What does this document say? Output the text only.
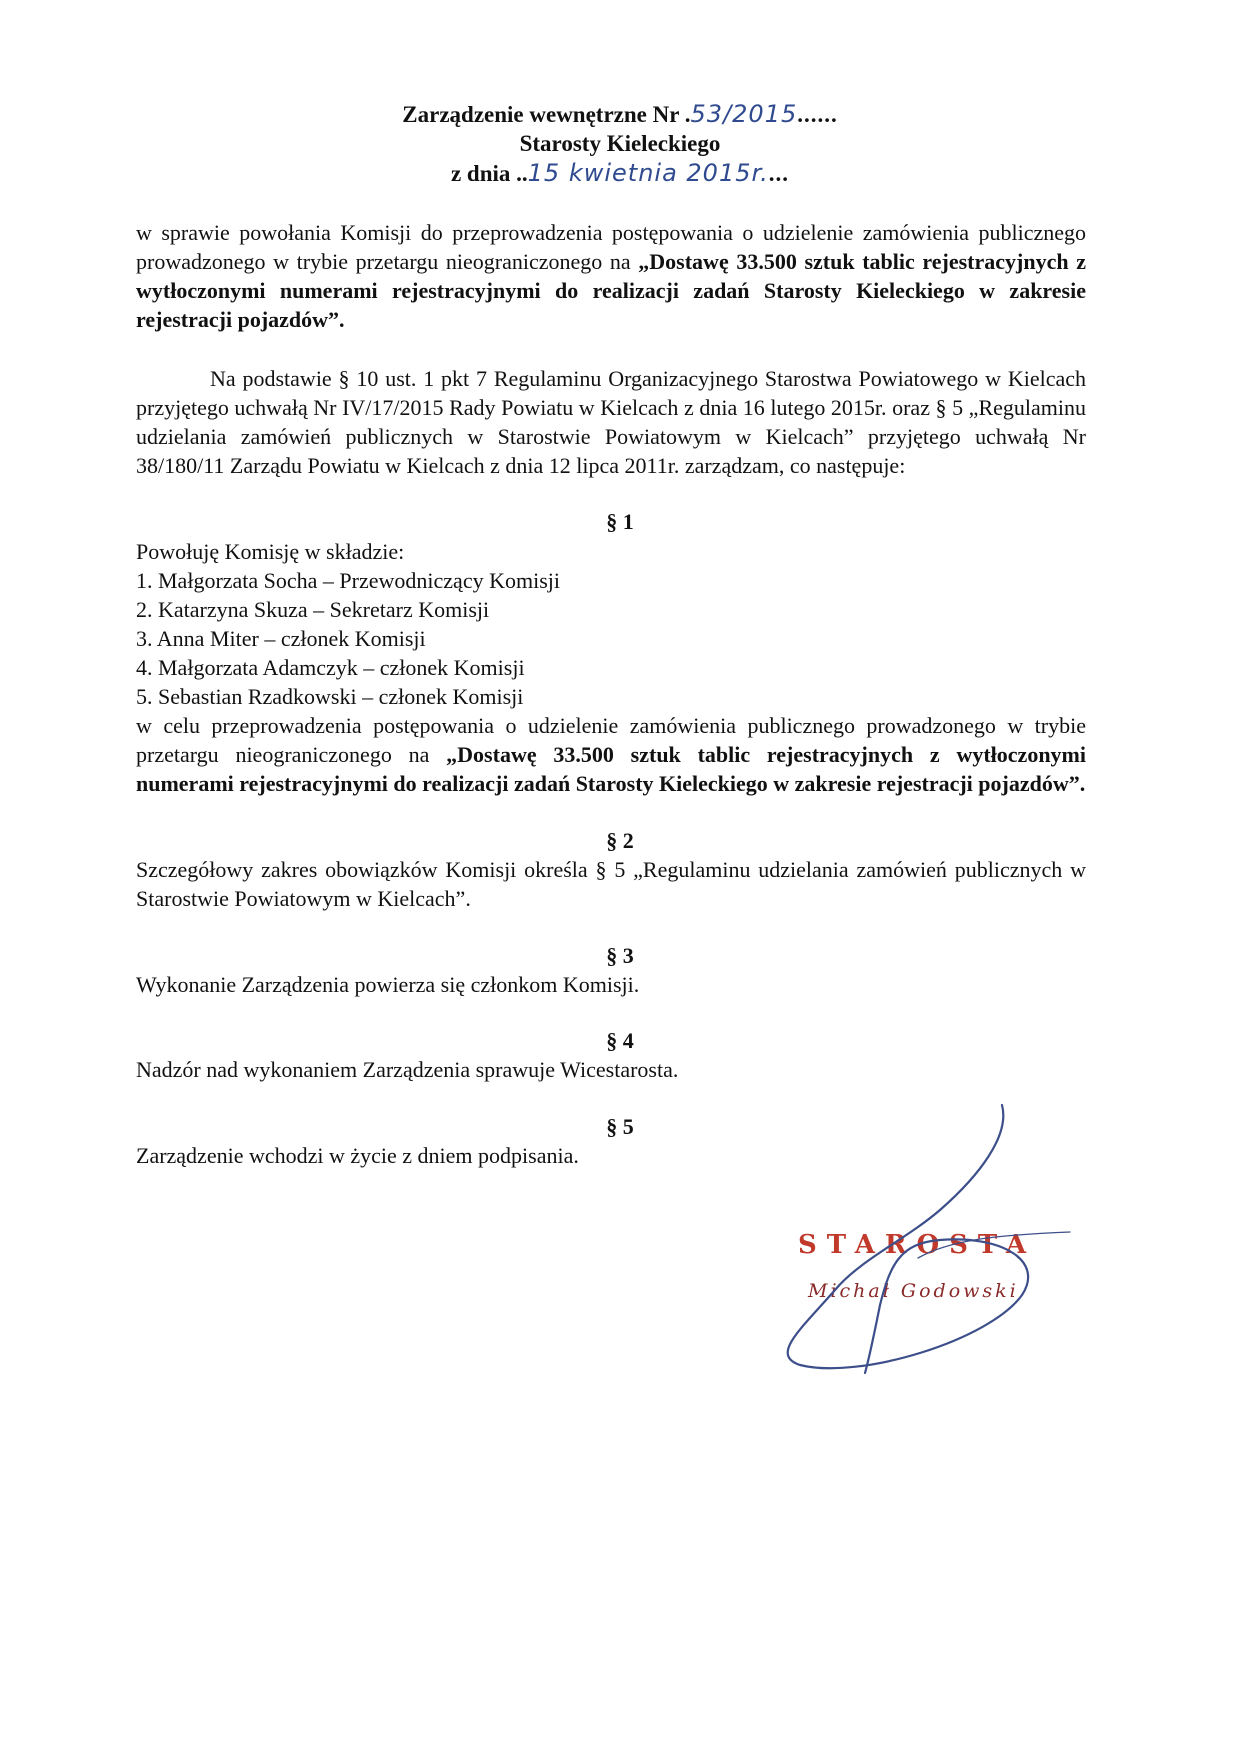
Zarządzenie wewnętrzne Nr .53/2015......
Starosty Kieleckiego
z dnia ..15 kwietnia 2015r....

w sprawie powołania Komisji do przeprowadzenia postępowania o udzielenie zamówienia publicznego prowadzonego w trybie przetargu nieograniczonego na „Dostawę 33.500 sztuk tablic rejestracyjnych z wytłoczonymi numerami rejestracyjnymi do realizacji zadań Starosty Kieleckiego w zakresie rejestracji pojazdów”.

Na podstawie § 10 ust. 1 pkt 7 Regulaminu Organizacyjnego Starostwa Powiatowego w Kielcach przyjętego uchwałą Nr IV/17/2015 Rady Powiatu w Kielcach z dnia 16 lutego 2015r. oraz § 5 „Regulaminu udzielania zamówień publicznych w Starostwie Powiatowym w Kielcach” przyjętego uchwałą Nr 38/180/11 Zarządu Powiatu w Kielcach z dnia 12 lipca 2011r. zarządzam, co następuje:

§ 1

Powołuję Komisję w składzie:

1. Małgorzata Socha – Przewodniczący Komisji
2. Katarzyna Skuza – Sekretarz Komisji
3. Anna Miter – członek Komisji
4. Małgorzata Adamczyk – członek Komisji
5. Sebastian Rzadkowski – członek Komisji

w celu przeprowadzenia postępowania o udzielenie zamówienia publicznego prowadzonego w trybie przetargu nieograniczonego na „Dostawę 33.500 sztuk tablic rejestracyjnych z wytłoczonymi numerami rejestracyjnymi do realizacji zadań Starosty Kieleckiego w zakresie rejestracji pojazdów”.

§ 2

Szczegółowy zakres obowiązków Komisji określa § 5 „Regulaminu udzielania zamówień publicznych w Starostwie Powiatowym w Kielcach”.

§ 3

Wykonanie Zarządzenia powierza się członkom Komisji.

§ 4

Nadzór nad wykonaniem Zarządzenia sprawuje Wicestarosta.

§ 5

Zarządzenie wchodzi w życie z dniem podpisania.

STAROSTA
Michał Godowski
